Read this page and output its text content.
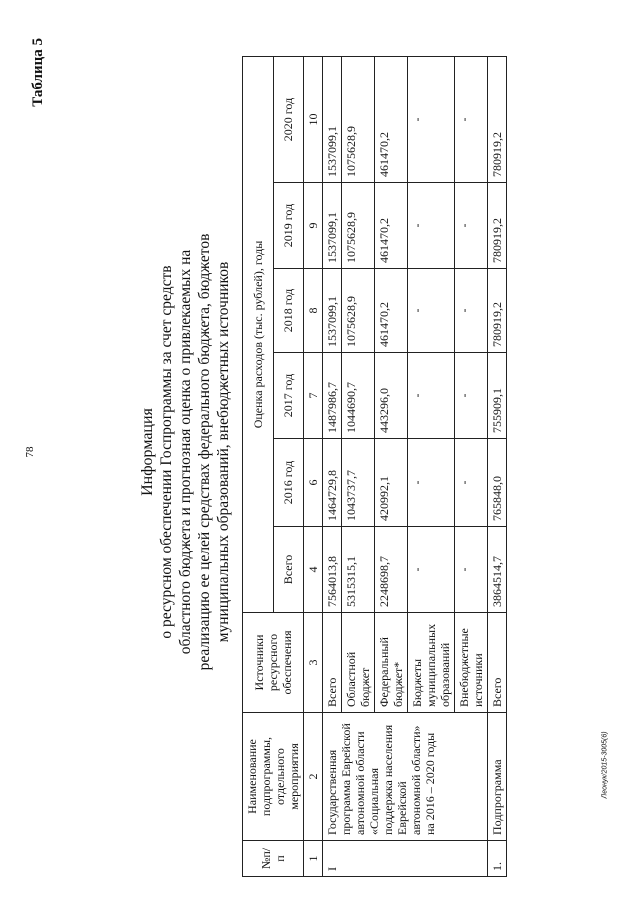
78
Леонук/2015-3005(6)
Таблица 5
Информация о ресурсном обеспечении Госпрограммы за счет средств областного бюджета и прогнозная оценка о привлекаемых на реализацию ее целей средствах федерального бюджета, бюджетов муниципальных образований, внебюджетных источников
№п/п	Наименование подпрограммы, отдельного мероприятия	Источники ресурсного обеспечения	Оценка расходов (тыс. рублей), годы					
			Всего	2016 год	2017 год	2018 год	2019 год	2020 год
1	2	3	4	6	7	8	9	10
I	Государственная программа Еврейской автономной области «Социальная поддержка населения Еврейской автономной области» на 2016 – 2020 годы	Всего	7564013,8	1464729,8	1487986,7	1537099,1	1537099,1	1537099,1
		Областной бюджет	5315315,1	1043737,7	1044690,7	1075628,9	1075628,9	1075628,9
		Федеральный бюджет*	2248698,7	420992,1	443296,0	461470,2	461470,2	461470,2
		Бюджеты муниципальных образований	-	-	-	-	-	-
		Внебюджетные источники	-	-	-	-	-	-
1.	Подпрограмма	Всего	3864514,7	765848,0	755909,1	780919,2	780919,2	780919,2
